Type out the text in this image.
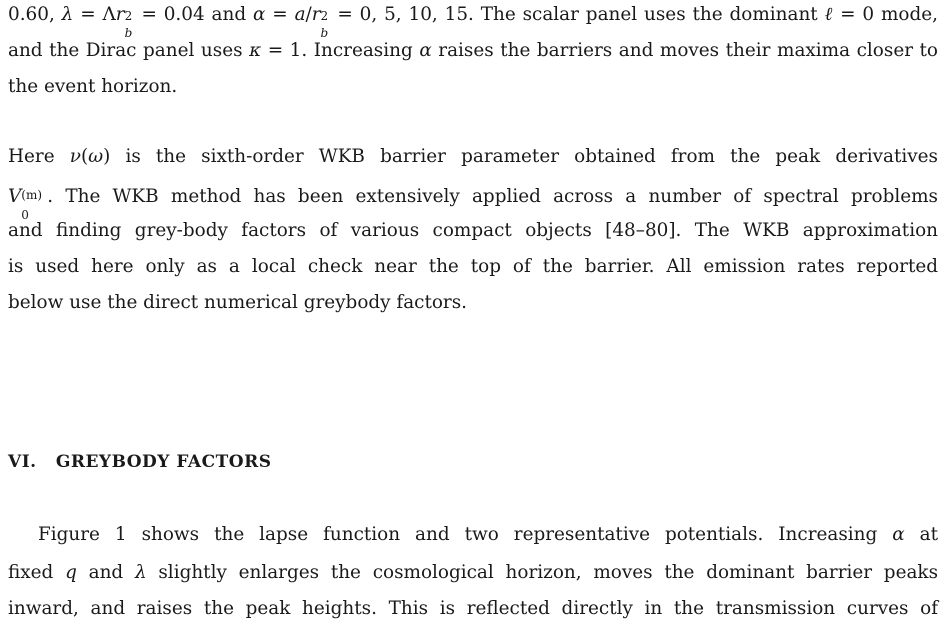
0.60, λ = Λr 2
b
= 0.04 and α = a/r 2
b
= 0, 5, 10, 15. The scalar panel uses the dominant ℓ = 0 mode,
and the Dirac panel uses κ = 1. Increasing α raises the barriers and moves their maxima closer to
the event horizon.
Here ν(ω) is the sixth-order WKB barrier parameter obtained from the peak derivatives
V (m)
0
. The WKB method has been extensively applied across a number of spectral problems
and finding grey-body factors of various compact objects [48–80]. The WKB approximation
is used here only as a local check near the top of the barrier. All emission rates reported
below use the direct numerical greybody factors.
VI. GREYBODY FACTORS
Figure 1 shows the lapse function and two representative potentials. Increasing α at
fixed q and λ slightly enlarges the cosmological horizon, moves the dominant barrier peaks
inward, and raises the peak heights. This is reflected directly in the transmission curves of
